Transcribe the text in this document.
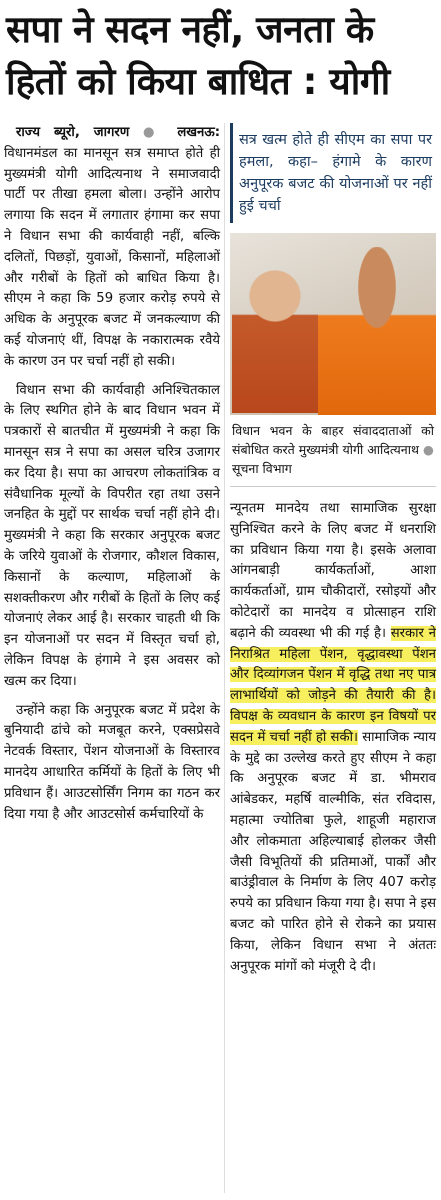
सपा ने सदन नहीं, जनता के हितों को किया बाधित : योगी

राज्य ब्यूरो, जागरण ● लखनऊ: विधानमंडल का मानसून सत्र समाप्त होते ही मुख्यमंत्री योगी आदित्यनाथ ने समाजवादी पार्टी पर तीखा हमला बोला। उन्होंने आरोप लगाया कि सदन में लगातार हंगामा कर सपा ने विधान सभा की कार्यवाही नहीं, बल्कि दलितों, पिछड़ों, युवाओं, किसानों, महिलाओं और गरीबों के हितों को बाधित किया है। सीएम ने कहा कि 59 हजार करोड़ रुपये से अधिक के अनुपूरक बजट में जनकल्याण की कई योजनाएं थीं, विपक्ष के नकारात्मक रवैये के कारण उन पर चर्चा नहीं हो सकी।

विधान सभा की कार्यवाही अनिश्चितकाल के लिए स्थगित होने के बाद विधान भवन में पत्रकारों से बातचीत में मुख्यमंत्री ने कहा कि मानसून सत्र ने सपा का असल चरित्र उजागर कर दिया है। सपा का आचरण लोकतांत्रिक व संवैधानिक मूल्यों के विपरीत रहा तथा उसने जनहित के मुद्दों पर सार्थक चर्चा नहीं होने दी। मुख्यमंत्री ने कहा कि सरकार अनुपूरक बजट के जरिये युवाओं के रोजगार, कौशल विकास, किसानों के कल्याण, महिलाओं के सशक्तीकरण और गरीबों के हितों के लिए कई योजनाएं लेकर आई है। सरकार चाहती थी कि इन योजनाओं पर सदन में विस्तृत चर्चा हो, लेकिन विपक्ष के हंगामे ने इस अवसर को खत्म कर दिया।

उन्होंने कहा कि अनुपूरक बजट में प्रदेश के बुनियादी ढांचे को मजबूत करने, एक्सप्रेसवे नेटवर्क विस्तार, पेंशन योजनाओं के विस्तारव मानदेय आधारित कर्मियों के हितों के लिए भी प्रविधान हैं। आउटसोर्सिंग निगम का गठन कर दिया गया है और आउटसोर्स कर्मचारियों के

सत्र खत्म होते ही सीएम का सपा पर हमला, कहा– हंगामे के कारण अनुपूरक बजट की योजनाओं पर नहीं हुई चर्चा
विधान भवन के बाहर संवाददाताओं को संबोधित करते मुख्यमंत्री योगी आदित्यनाथ ● सूचना विभाग
न्यूनतम मानदेय तथा सामाजिक सुरक्षा सुनिश्चित करने के लिए बजट में धनराशि का प्रविधान किया गया है। इसके अलावा आंगनबाड़ी कार्यकर्ताओं, आशा कार्यकर्ताओं, ग्राम चौकीदारों, रसोइयों और कोटेदारों का मानदेय व प्रोत्साहन राशि बढ़ाने की व्यवस्था भी की गई है। सरकार ने निराश्रित महिला पेंशन, वृद्धावस्था पेंशन और दिव्यांगजन पेंशन में वृद्धि तथा नए पात्र लाभार्थियों को जोड़ने की तैयारी की है। विपक्ष के व्यवधान के कारण इन विषयों पर सदन में चर्चा नहीं हो सकी। सामाजिक न्याय के मुद्दे का उल्लेख करते हुए सीएम ने कहा कि अनुपूरक बजट में डा. भीमराव आंबेडकर, महर्षि वाल्मीकि, संत रविदास, महात्मा ज्योतिबा फुले, शाहूजी महाराज और लोकमाता अहिल्याबाई होलकर जैसी जैसी विभूतियों की प्रतिमाओं, पार्कों और बाउंड्रीवाल के निर्माण के लिए 407 करोड़ रुपये का प्रविधान किया गया है। सपा ने इस बजट को पारित होने से रोकने का प्रयास किया, लेकिन विधान सभा ने अंततः अनुपूरक मांगों को मंजूरी दे दी।
